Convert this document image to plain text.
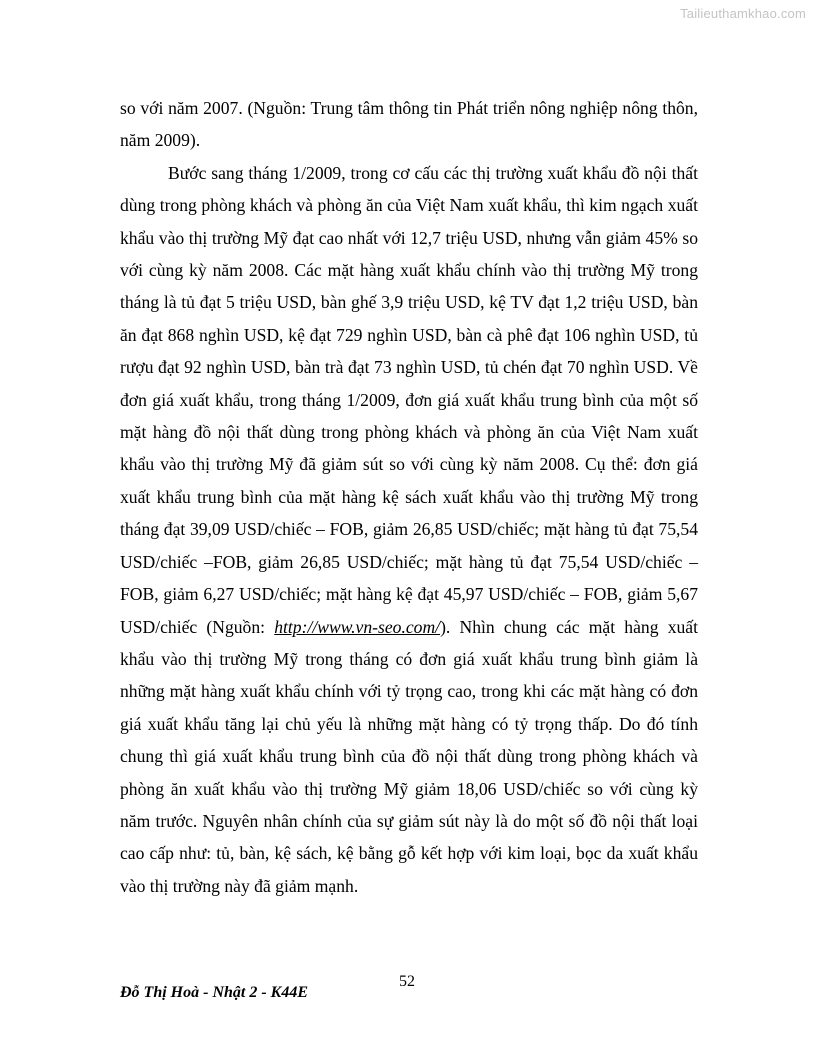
Tailieuthamkhao.com

so với năm 2007. (Nguồn: Trung tâm thông tin Phát triển nông nghiệp nông thôn, năm 2009).

Bước sang tháng 1/2009, trong cơ cấu các thị trường xuất khẩu đồ nội thất dùng trong phòng khách và phòng ăn của Việt Nam xuất khẩu, thì kim ngạch xuất khẩu vào thị trường Mỹ đạt cao nhất với 12,7 triệu USD, nhưng vẫn giảm 45% so với cùng kỳ năm 2008. Các mặt hàng xuất khẩu chính vào thị trường Mỹ trong tháng là tủ đạt 5 triệu USD, bàn ghế 3,9 triệu USD, kệ TV đạt 1,2 triệu USD, bàn ăn đạt 868 nghìn USD, kệ đạt 729 nghìn USD, bàn cà phê đạt 106 nghìn USD, tủ rượu đạt 92 nghìn USD, bàn trà đạt 73 nghìn USD, tủ chén đạt 70 nghìn USD. Về đơn giá xuất khẩu, trong tháng 1/2009, đơn giá xuất khẩu trung bình của một số mặt hàng đồ nội thất dùng trong phòng khách và phòng ăn của Việt Nam xuất khẩu vào thị trường Mỹ đã giảm sút so với cùng kỳ năm 2008. Cụ thể: đơn giá xuất khẩu trung bình của mặt hàng kệ sách xuất khẩu vào thị trường Mỹ trong tháng đạt 39,09 USD/chiếc – FOB, giảm 26,85 USD/chiếc; mặt hàng tủ đạt 75,54 USD/chiếc –FOB, giảm 26,85 USD/chiếc; mặt hàng tủ đạt 75,54 USD/chiếc – FOB, giảm 6,27 USD/chiếc; mặt hàng kệ đạt 45,97 USD/chiếc – FOB, giảm 5,67 USD/chiếc (Nguồn: http://www.vn-seo.com/). Nhìn chung các mặt hàng xuất khẩu vào thị trường Mỹ trong tháng có đơn giá xuất khẩu trung bình giảm là những mặt hàng xuất khẩu chính với tỷ trọng cao, trong khi các mặt hàng có đơn giá xuất khẩu tăng lại chủ yếu là những mặt hàng có tỷ trọng thấp. Do đó tính chung thì giá xuất khẩu trung bình của đồ nội thất dùng trong phòng khách và phòng ăn xuất khẩu vào thị trường Mỹ giảm 18,06 USD/chiếc so với cùng kỳ năm trước. Nguyên nhân chính của sự giảm sút này là do một số đồ nội thất loại cao cấp như: tủ, bàn, kệ sách, kệ bằng gỗ kết hợp với kim loại, bọc da xuất khẩu vào thị trường này đã giảm mạnh.

52
Đỗ Thị Hoà - Nhật 2 - K44E
